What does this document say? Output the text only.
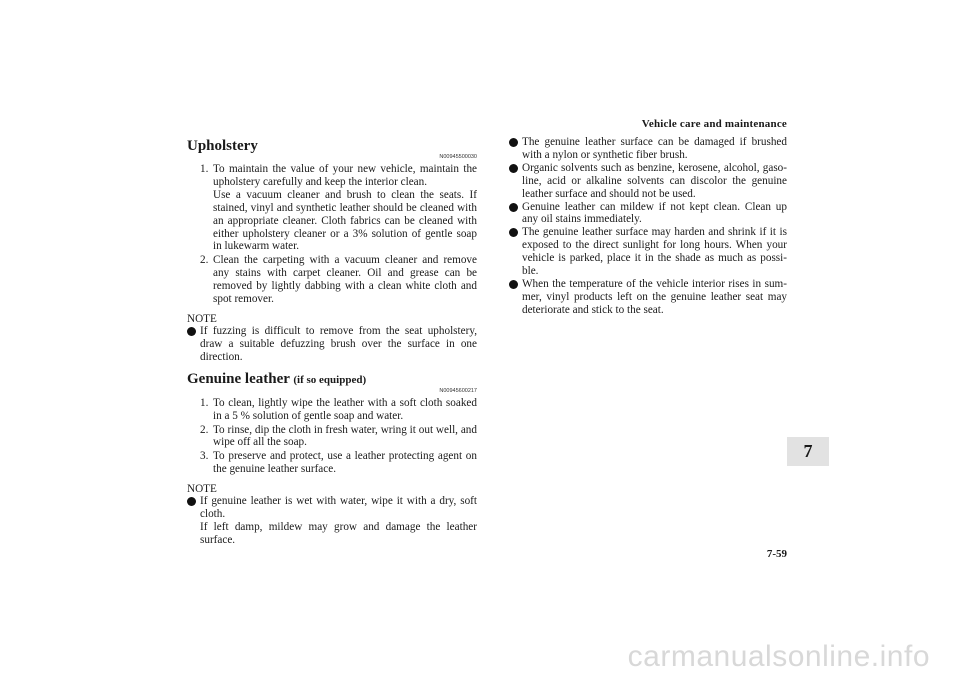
Vehicle care and maintenance
Upholstery
N00945500030
1. To maintain the value of your new vehicle, maintain the upholstery carefully and keep the interior clean.

Use a vacuum cleaner and brush to clean the seats. If stained, vinyl and synthetic leather should be cleaned with an appropriate cleaner. Cloth fabrics can be cleaned with either upholstery cleaner or a 3% solution of gentle soap in lukewarm water.

2. Clean the carpeting with a vacuum cleaner and remove any stains with carpet cleaner. Oil and grease can be removed by lightly dabbing with a clean white cloth and spot remover.

NOTE

If fuzzing is difficult to remove from the seat upholstery, draw a suitable defuzzing brush over the surface in one direction.

Genuine leather (if so equipped)
N00945600217
1. To clean, lightly wipe the leather with a soft cloth soaked in a 5 % solution of gentle soap and water.

2. To rinse, dip the cloth in fresh water, wring it out well, and wipe off all the soap.

3. To preserve and protect, use a leather protecting agent on the genuine leather surface.

NOTE

If genuine leather is wet with water, wipe it with a dry, soft cloth.

If left damp, mildew may grow and damage the leather surface.

The genuine leather surface can be damaged if brushed with a nylon or synthetic fiber brush.

Organic solvents such as benzine, kerosene, alcohol, gaso-line, acid or alkaline solvents can discolor the genuine leather surface and should not be used.

Genuine leather can mildew if not kept clean. Clean up any oil stains immediately.

The genuine leather surface may harden and shrink if it is exposed to the direct sunlight for long hours. When your vehicle is parked, place it in the shade as much as possi-ble.

When the temperature of the vehicle interior rises in sum-mer, vinyl products left on the genuine leather seat may deteriorate and stick to the seat.

7
7-59
carmanualsonline.info
